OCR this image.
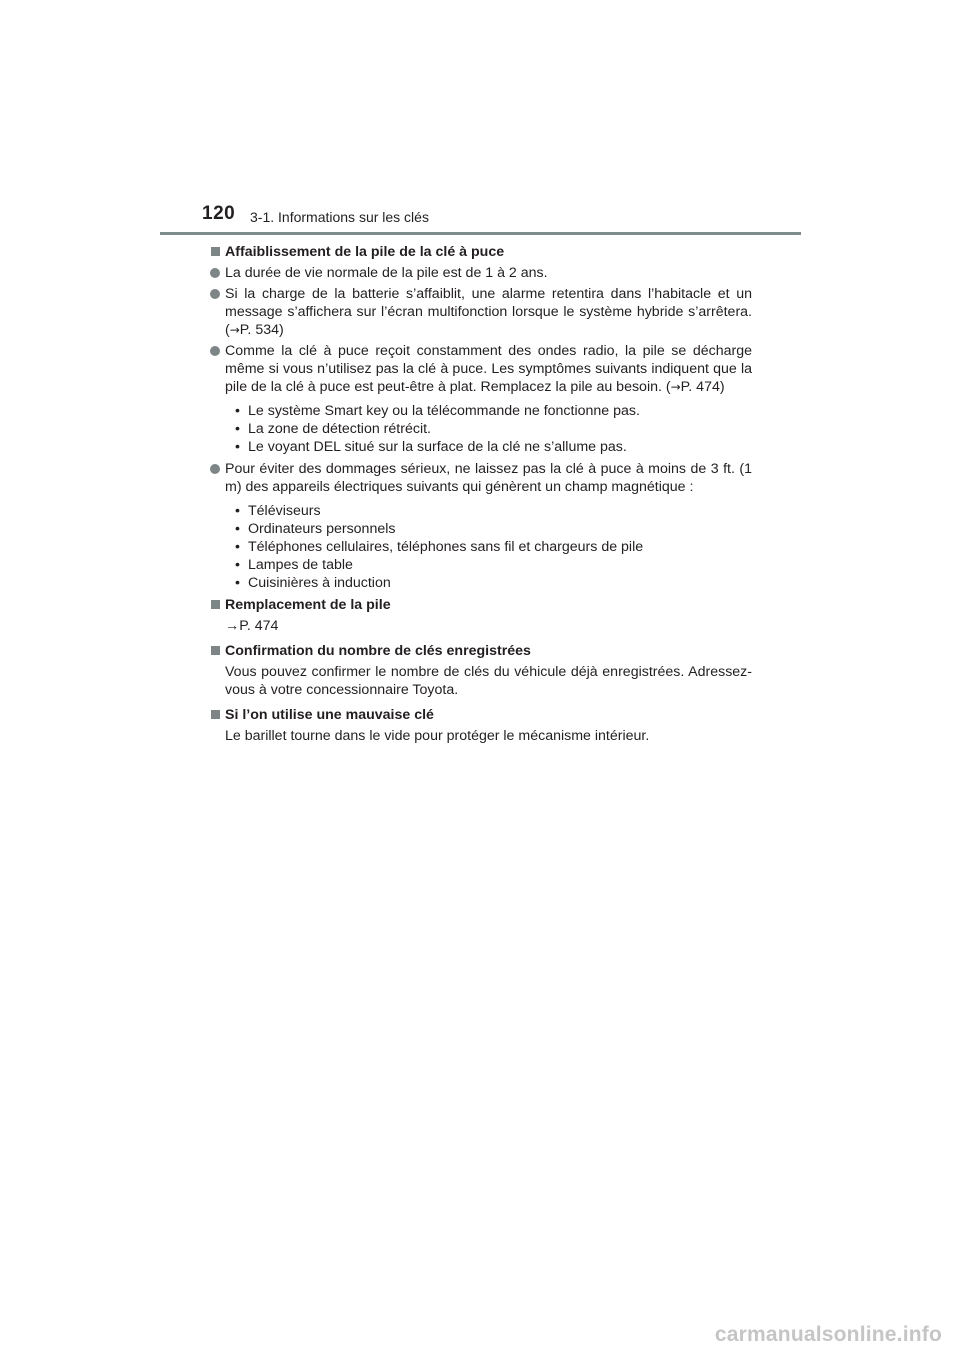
120 3-1. Informations sur les clés
Affaiblissement de la pile de la clé à puce
La durée de vie normale de la pile est de 1 à 2 ans.
Si la charge de la batterie s’affaiblit, une alarme retentira dans l’habitacle et un message s’affichera sur l’écran multifonction lorsque le système hybride s’arrêtera. (→P. 534)
Comme la clé à puce reçoit constamment des ondes radio, la pile se décharge même si vous n’utilisez pas la clé à puce. Les symptômes suivants indiquent que la pile de la clé à puce est peut-être à plat. Remplacez la pile au besoin. (→P. 474)
• Le système Smart key ou la télécommande ne fonctionne pas.
• La zone de détection rétrécit.
• Le voyant DEL situé sur la surface de la clé ne s’allume pas.
Pour éviter des dommages sérieux, ne laissez pas la clé à puce à moins de 3 ft. (1 m) des appareils électriques suivants qui génèrent un champ magnétique :
• Téléviseurs
• Ordinateurs personnels
• Téléphones cellulaires, téléphones sans fil et chargeurs de pile
• Lampes de table
• Cuisinières à induction
Remplacement de la pile
→P. 474
Confirmation du nombre de clés enregistrées
Vous pouvez confirmer le nombre de clés du véhicule déjà enregistrées. Adressez-vous à votre concessionnaire Toyota.
Si l’on utilise une mauvaise clé
Le barillet tourne dans le vide pour protéger le mécanisme intérieur.
carmanualsonline.info
